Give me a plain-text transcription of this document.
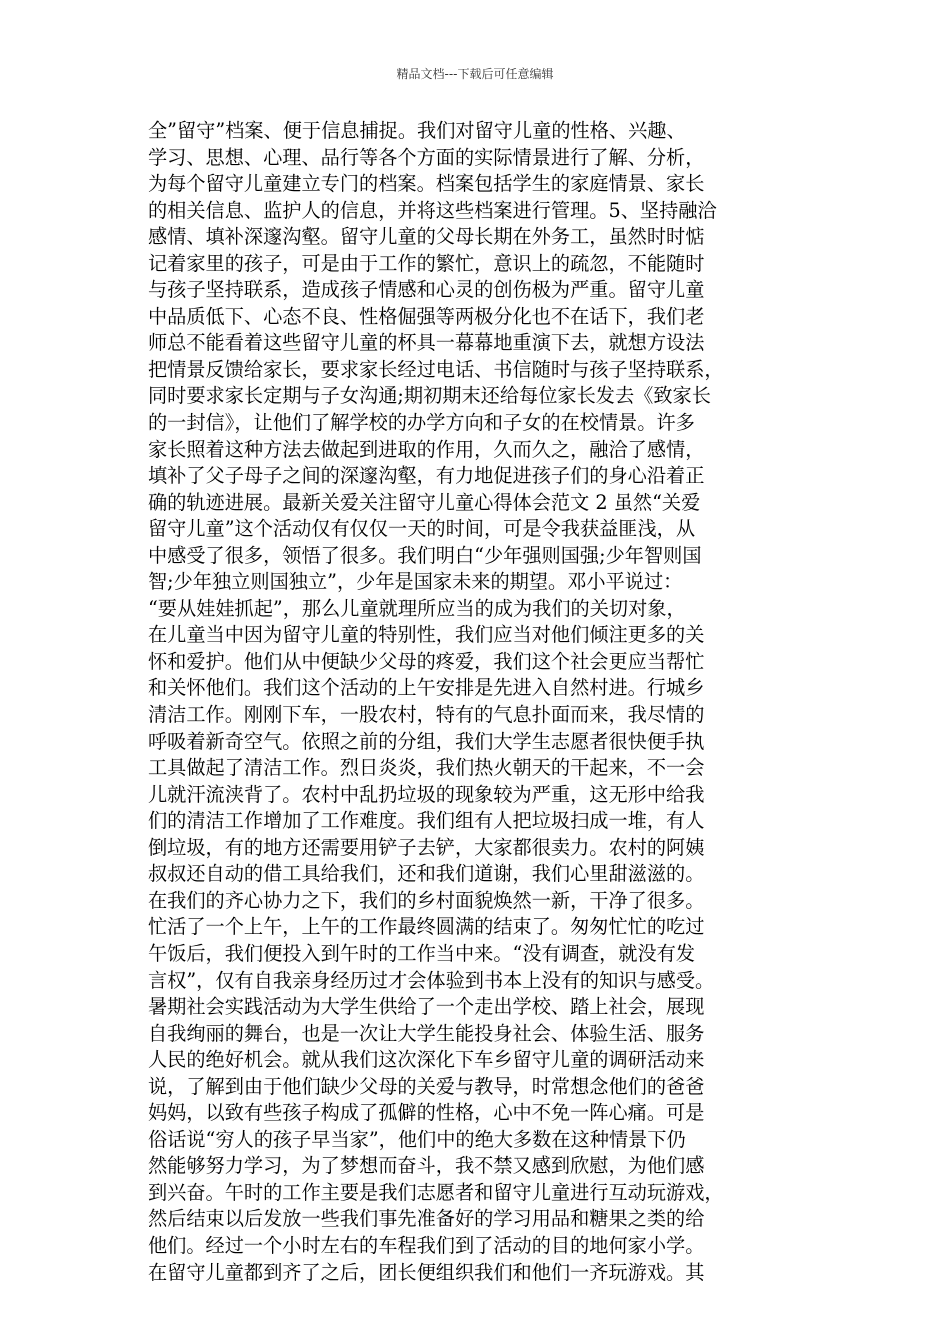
精品文档---下载后可任意编辑
全”留守”档案、便于信息捕捉。我们对留守儿童的性格、兴趣、
学习、思想、心理、品行等各个方面的实际情景进行了解、分析，
为每个留守儿童建立专门的档案。档案包括学生的家庭情景、家长
的相关信息、监护人的信息，并将这些档案进行管理。5、坚持融洽
感情、填补深邃沟壑。留守儿童的父母长期在外务工，虽然时时惦
记着家里的孩子，可是由于工作的繁忙，意识上的疏忽，不能随时
与孩子坚持联系，造成孩子情感和心灵的创伤极为严重。留守儿童
中品质低下、心态不良、性格倔强等两极分化也不在话下，我们老
师总不能看着这些留守儿童的杯具一幕幕地重演下去，就想方设法
把情景反馈给家长，要求家长经过电话、书信随时与孩子坚持联系，
同时要求家长定期与子女沟通;期初期末还给每位家长发去《致家长
的一封信》，让他们了解学校的办学方向和子女的在校情景。许多
家长照着这种方法去做起到进取的作用，久而久之，融洽了感情，
填补了父子母子之间的深邃沟壑，有力地促进孩子们的身心沿着正
确的轨迹进展。最新关爱关注留守儿童心得体会范文 2 虽然“关爱
留守儿童”这个活动仅有仅仅一天的时间，可是令我获益匪浅，从
中感受了很多，领悟了很多。我们明白“少年强则国强;少年智则国
智;少年独立则国独立”，少年是国家未来的期望。邓小平说过：
“要从娃娃抓起”，那么儿童就理所应当的成为我们的关切对象，
在儿童当中因为留守儿童的特别性，我们应当对他们倾注更多的关
怀和爱护。他们从中便缺少父母的疼爱，我们这个社会更应当帮忙
和关怀他们。我们这个活动的上午安排是先进入自然村进。行城乡
清洁工作。刚刚下车，一股农村，特有的气息扑面而来，我尽情的
呼吸着新奇空气。依照之前的分组，我们大学生志愿者很快便手执
工具做起了清洁工作。烈日炎炎，我们热火朝天的干起来，不一会
儿就汗流浃背了。农村中乱扔垃圾的现象较为严重，这无形中给我
们的清洁工作增加了工作难度。我们组有人把垃圾扫成一堆，有人
倒垃圾，有的地方还需要用铲子去铲，大家都很卖力。农村的阿姨
叔叔还自动的借工具给我们，还和我们道谢，我们心里甜滋滋的。
在我们的齐心协力之下，我们的乡村面貌焕然一新，干净了很多。
忙活了一个上午，上午的工作最终圆满的结束了。匆匆忙忙的吃过
午饭后，我们便投入到午时的工作当中来。“没有调查，就没有发
言权”，仅有自我亲身经历过才会体验到书本上没有的知识与感受。
暑期社会实践活动为大学生供给了一个走出学校、踏上社会，展现
自我绚丽的舞台，也是一次让大学生能投身社会、体验生活、服务
人民的绝好机会。就从我们这次深化下车乡留守儿童的调研活动来
说，了解到由于他们缺少父母的关爱与教导，时常想念他们的爸爸
妈妈，以致有些孩子构成了孤僻的性格，心中不免一阵心痛。可是
俗话说“穷人的孩子早当家”，他们中的绝大多数在这种情景下仍
然能够努力学习，为了梦想而奋斗，我不禁又感到欣慰，为他们感
到兴奋。午时的工作主要是我们志愿者和留守儿童进行互动玩游戏，
然后结束以后发放一些我们事先准备好的学习用品和糖果之类的给
他们。经过一个小时左右的车程我们到了活动的目的地何家小学。
在留守儿童都到齐了之后，团长便组织我们和他们一齐玩游戏。其
